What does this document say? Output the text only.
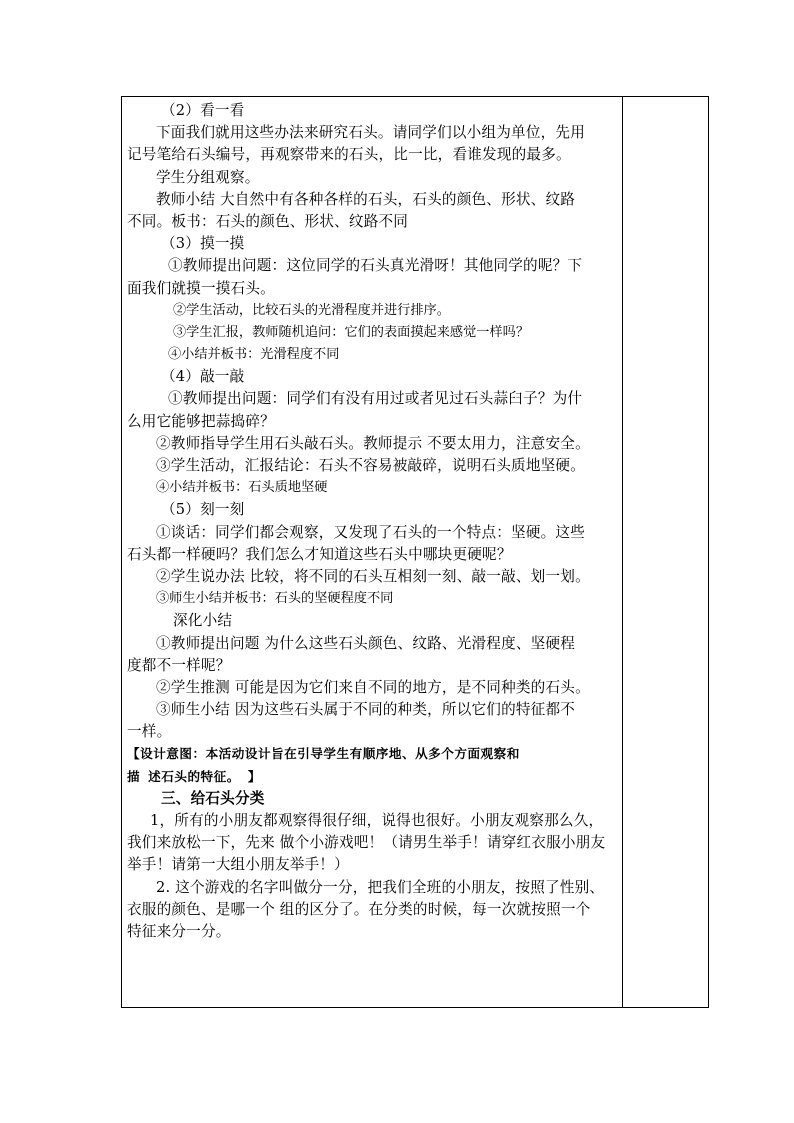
（2）看一看
下面我们就用这些办法来研究石头。请同学们以小组为单位，先用
记号笔给石头编号，再观察带来的石头，比一比，看谁发现的最多。
学生分组观察。
教师小结 大自然中有各种各样的石头，石头的颜色、形状、纹路
不同。板书：石头的颜色、形状、纹路不同
（3）摸一摸
①教师提出问题：这位同学的石头真光滑呀！其他同学的呢？下
面我们就摸一摸石头。
②学生活动，比较石头的光滑程度并进行排序。
③学生汇报，教师随机追问：它们的表面摸起来感觉一样吗？
④小结并板书：光滑程度不同
（4）敲一敲
①教师提出问题：同学们有没有用过或者见过石头蒜臼子？为什
么用它能够把蒜捣碎？
②教师指导学生用石头敲石头。教师提示 不要太用力，注意安全。
③学生活动，汇报结论：石头不容易被敲碎，说明石头质地坚硬。
④小结并板书：石头质地坚硬
（5）刻一刻
①谈话：同学们都会观察，又发现了石头的一个特点：坚硬。这些
石头都一样硬吗？我们怎么才知道这些石头中哪块更硬呢？
②学生说办法 比较，将不同的石头互相刻一刻、敲一敲、划一划。
③师生小结并板书：石头的坚硬程度不同
深化小结
①教师提出问题 为什么这些石头颜色、纹路、光滑程度、坚硬程
度都不一样呢？
②学生推测 可能是因为它们来自不同的地方，是不同种类的石头。
③师生小结 因为这些石头属于不同的种类，所以它们的特征都不
一样。
【设计意图：本活动设计旨在引导学生有顺序地、从多个方面观察和
描 述石头的特征。 】
三、给石头分类
1，所有的小朋友都观察得很仔细，说得也很好。小朋友观察那么久，
我们来放松一下，先来 做个小游戏吧！（请男生举手！请穿红衣服小朋友
举手！请第一大组小朋友举手！）
2. 这个游戏的名字叫做分一分，把我们全班的小朋友，按照了性别、
衣服的颜色、是哪一个 组的区分了。在分类的时候，每一次就按照一个
特征来分一分。
